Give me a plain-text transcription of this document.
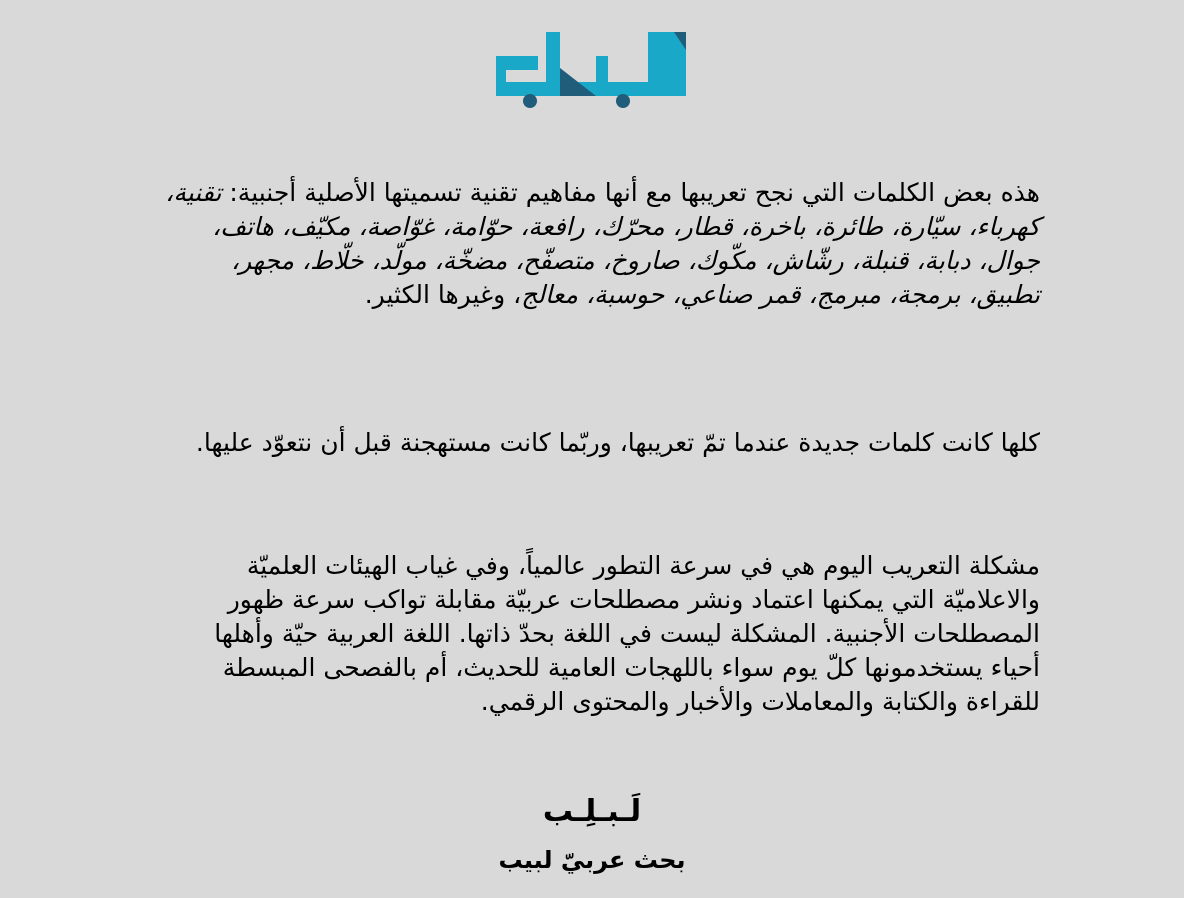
هذه بعض الكلمات التي نجح تعريبها مع أنها مفاهيم تقنية تسميتها الأصلية أجنبية: تقنية، كهرباء، سيّارة، طائرة، باخرة، قطار، محرّك، رافعة، حوّامة، غوّاصة، مكيّف، هاتف، جوال، دبابة، قنبلة، رشّاش، مكّوك، صاروخ، متصفّح، مضخّة، مولّد، خلّاط، مجهر، تطبيق، برمجة، مبرمج، قمر صناعي، حوسبة، معالج، وغيرها الكثير.

كلها كانت كلمات جديدة عندما تمّ تعريبها، وربّما كانت مستهجنة قبل أن نتعوّد عليها.

مشكلة التعريب اليوم هي في سرعة التطور عالمياً، وفي غياب الهيئات العلميّة والاعلاميّة التي يمكنها اعتماد ونشر مصطلحات عربيّة مقابلة تواكب سرعة ظهور المصطلحات الأجنبية. المشكلة ليست في اللغة بحدّ ذاتها. اللغة العربية حيّة وأهلها أحياء يستخدمونها كلّ يوم سواء باللهجات العامية للحديث، أم بالفصحى المبسطة للقراءة والكتابة والمعاملات والأخبار والمحتوى الرقمي.

لَـبـلِـب
بحث عربيّ لبيب
